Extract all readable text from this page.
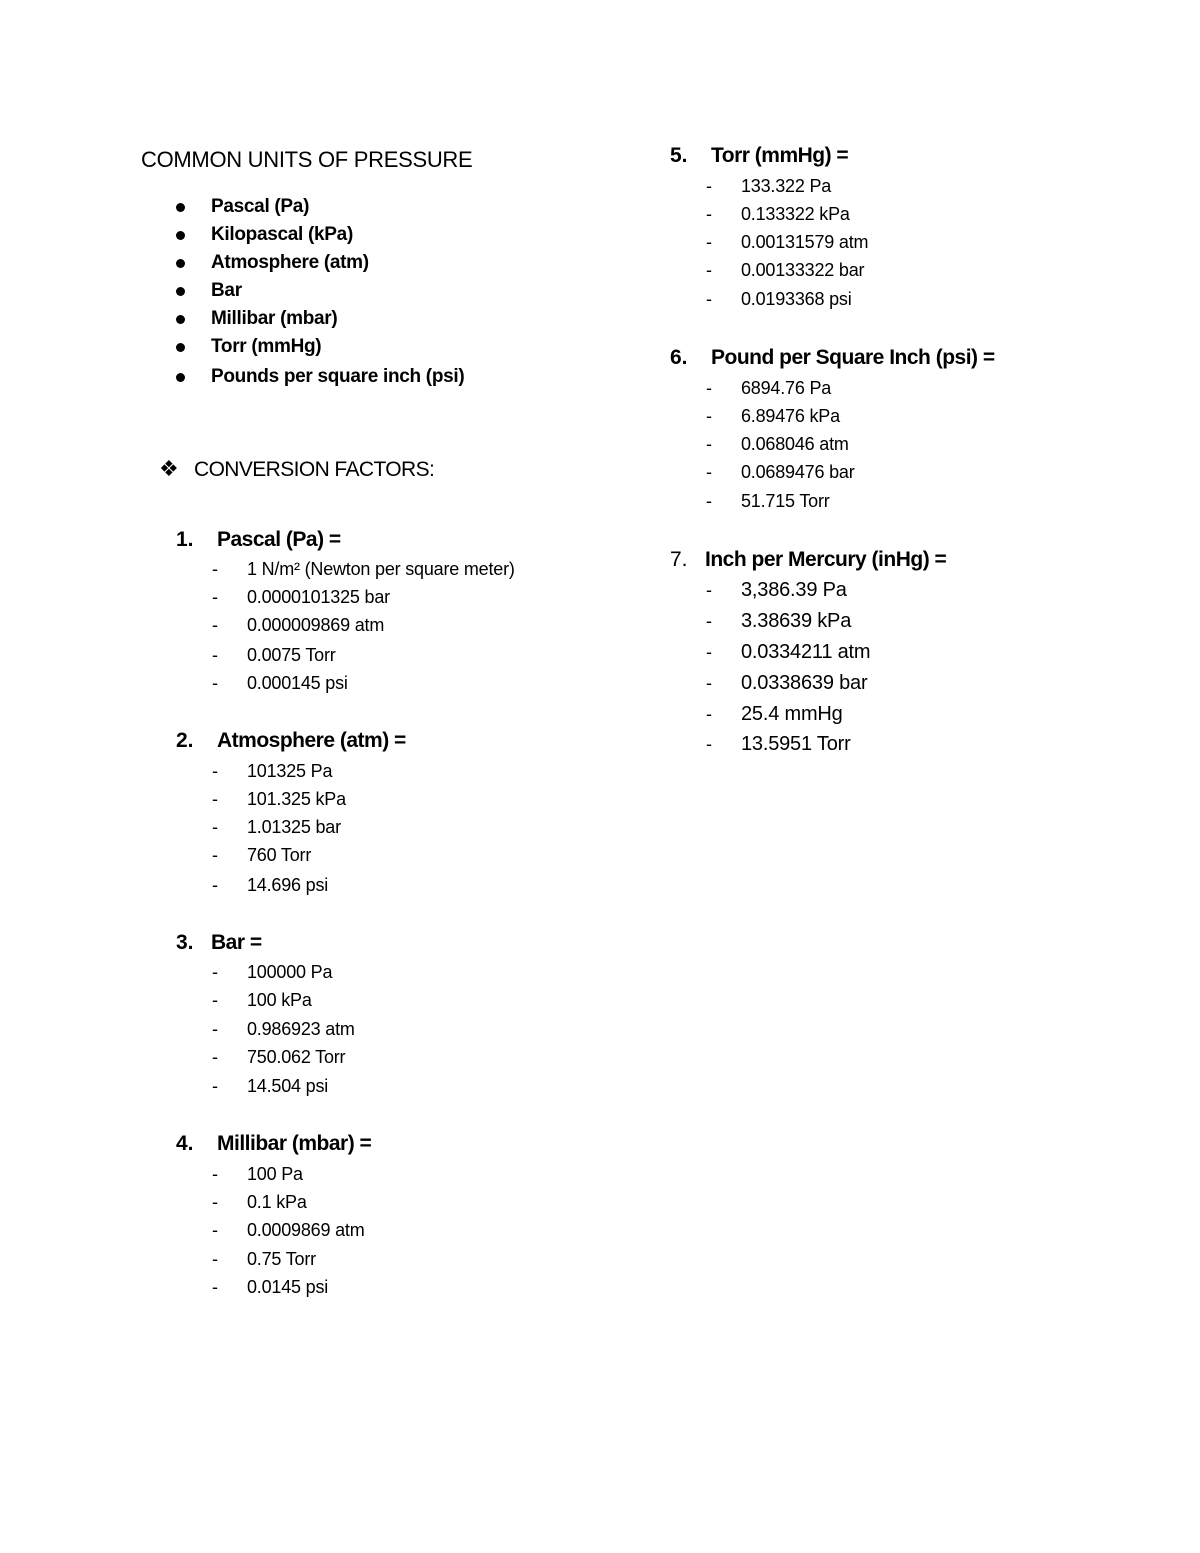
COMMON UNITS OF PRESSURE
Pascal (Pa)
Kilopascal (kPa)
Atmosphere (atm)
Bar
Millibar (mbar)
Torr (mmHg)
Pounds per square inch (psi)
❖ CONVERSION FACTORS:
1. Pascal (Pa) =
- 1 N/m² (Newton per square meter)
- 0.0000101325 bar
- 0.000009869 atm
- 0.0075 Torr
- 0.000145 psi
2. Atmosphere (atm) =
- 101325 Pa
- 101.325 kPa
- 1.01325 bar
- 760 Torr
- 14.696 psi
3. Bar =
- 100000 Pa
- 100 kPa
- 0.986923 atm
- 750.062 Torr
- 14.504 psi
4. Millibar (mbar) =
- 100 Pa
- 0.1 kPa
- 0.0009869 atm
- 0.75 Torr
- 0.0145 psi
5. Torr (mmHg) =
- 133.322 Pa
- 0.133322 kPa
- 0.00131579 atm
- 0.00133322 bar
- 0.0193368 psi
6. Pound per Square Inch (psi) =
- 6894.76 Pa
- 6.89476 kPa
- 0.068046 atm
- 0.0689476 bar
- 51.715 Torr
7. Inch per Mercury (inHg) =
- 3,386.39 Pa
- 3.38639 kPa
- 0.0334211 atm
- 0.0338639 bar
- 25.4 mmHg
- 13.5951 Torr
